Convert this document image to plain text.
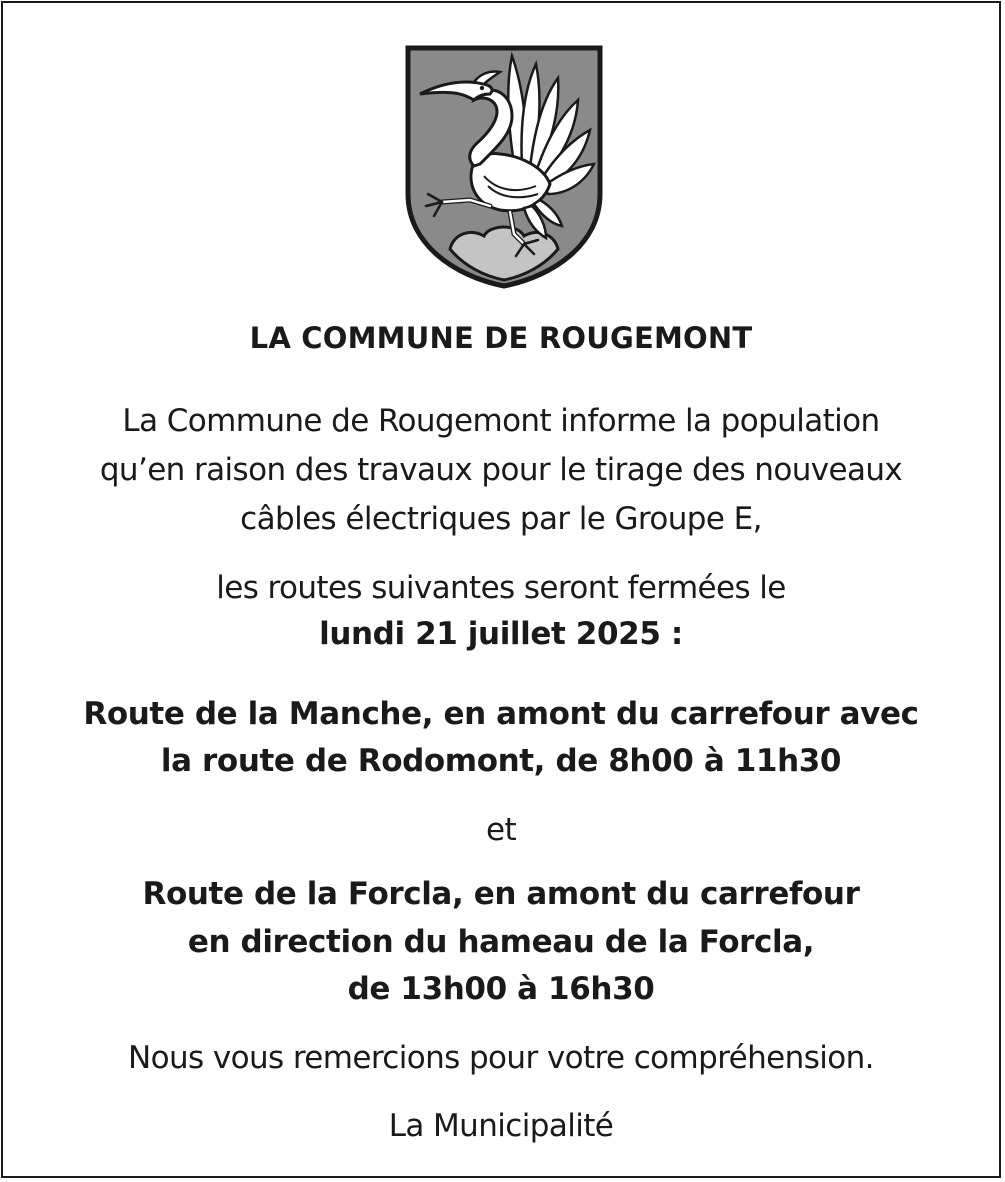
LA COMMUNE DE ROUGEMONT
La Commune de Rougemont informe la population
qu’en raison des travaux pour le tirage des nouveaux
câbles électriques par le Groupe E,
les routes suivantes seront fermées le
lundi 21 juillet 2025 :
Route de la Manche, en amont du carrefour avec
la route de Rodomont, de 8h00 à 11h30
et
Route de la Forcla, en amont du carrefour
en direction du hameau de la Forcla,
de 13h00 à 16h30
Nous vous remercions pour votre compréhension.
La Municipalité
